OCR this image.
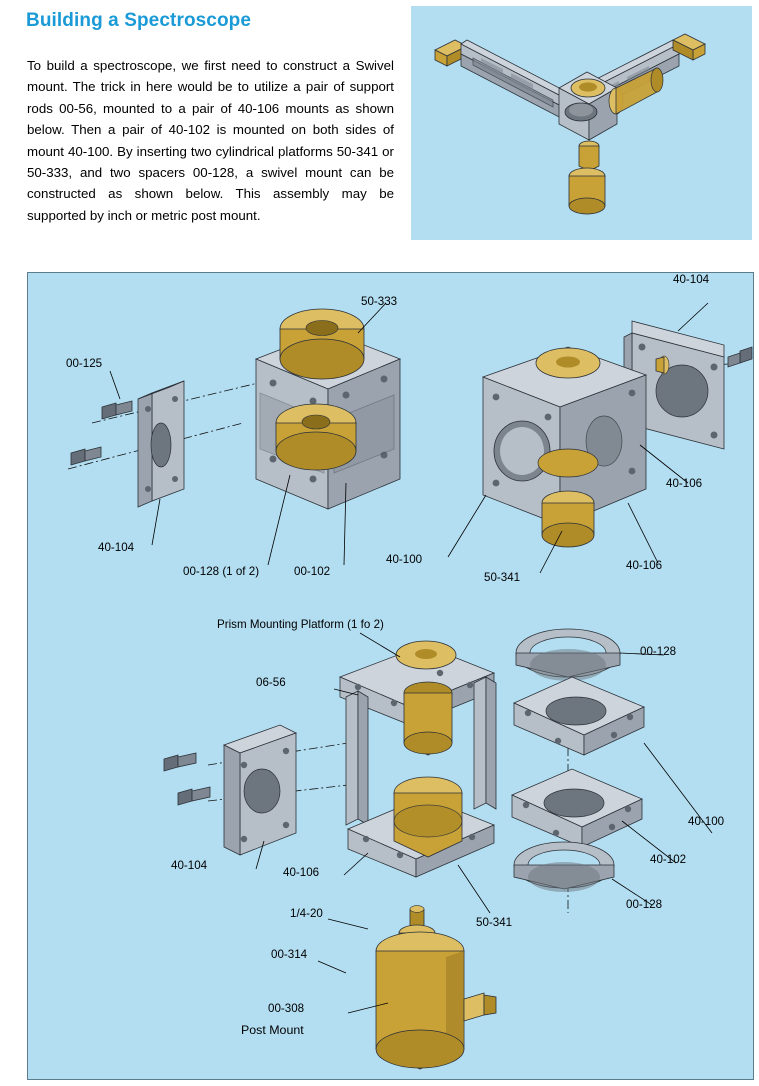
Building a Spectroscope
To build a spectroscope, we first need to construct a Swivel mount. The trick in here would be to utilize a pair of support rods 00-56, mounted to a pair of 40-106 mounts as shown below. Then a pair of 40-102 is mounted on both sides of mount 40-100. By inserting two cylindrical platforms 50-341 or 50-333, and two spacers 00-128, a swivel mount can be constructed as shown below. This assembly may be supported by inch or metric post mount.
50-333
00-125
40-104
40-104
00-128 (1 of 2)	00-102
40-100
40-106
50-341
40-106
Prism Mounting Platform (1 fo 2)
06-56
00-128
40-100
40-102
00-128
40-104
40-106
50-341
1/4-20
00-314
00-308
Post Mount
